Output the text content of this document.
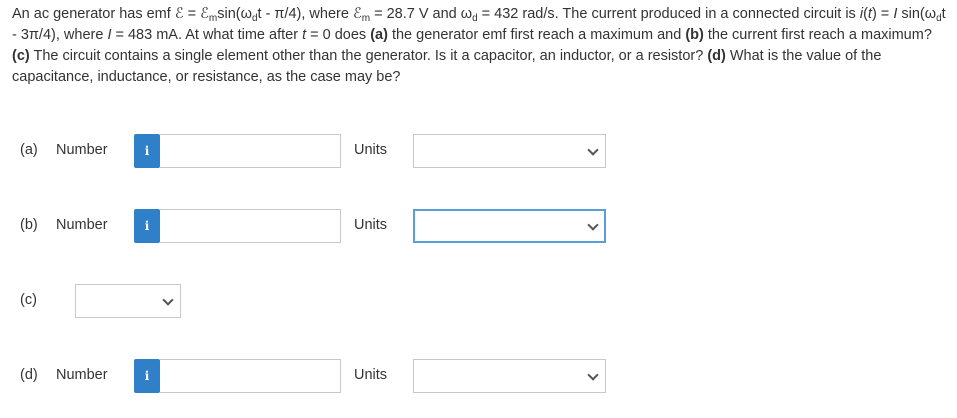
An ac generator has emf ℰ = $ℰ_m\sin(\omega_dt - \pi/4)$, where ℰ$_m$ = 28.7 V and $\omega_d = 432$ rad/s. The current produced in a connected circuit is i(t) = I $\sin(\omega_dt - 3\pi/4)$, where I = 483 mA. At what time after t = 0 does (a) the generator emf first reach a maximum and (b) the current first reach a maximum? (c) The circuit contains a single element other than the generator. Is it a capacitor, an inductor, or a resistor? (d) What is the value of the capacitance, inductance, or resistance, as the case may be?
(a) Number	i	Units
(b) Number	i	Units
(c)
(d) Number	i	Units
